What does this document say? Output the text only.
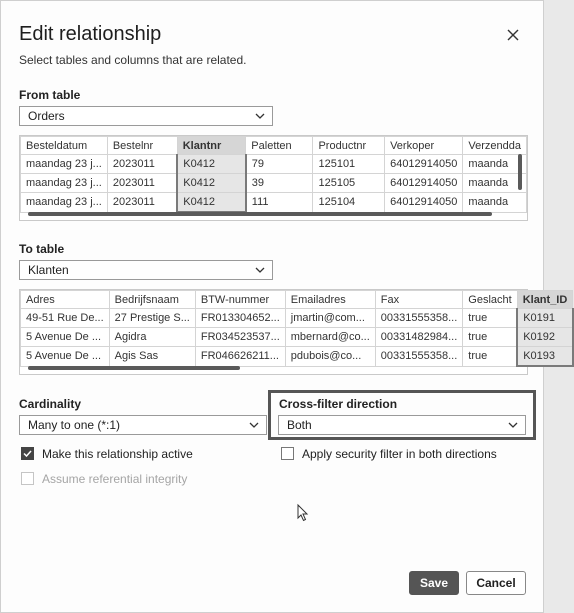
Edit relationship
Select tables and columns that are related.
From table
Orders
Besteldatum	Bestelnr	Klantnr	Paletten	Productnr	Verkoper	Verzendda
maandag 23 j...	2023011	K0412	79	125101	64012914050	maanda
maandag 23 j...	2023011	K0412	39	125105	64012914050	maanda
maandag 23 j...	2023011	K0412	111	125104	64012914050	maanda
To table
Klanten
Adres	Bedrijfsnaam	BTW-nummer	Emailadres	Fax	Geslacht	Klant_ID
49-51 Rue De...	27 Prestige S...	FR013304652...	jmartin@com...	00331555358...	true	K0191
5 Avenue De ...	Agidra	FR034523537...	mbernard@co...	00331482984...	true	K0192
5 Avenue De ...	Agis Sas	FR046626211...	pdubois@co...	00331555358...	true	K0193
Cardinality
Many to one (*:1)
Cross-filter direction
Both
Make this relationship active	Apply security filter in both directions
Assume referential integrity
Save	Cancel
